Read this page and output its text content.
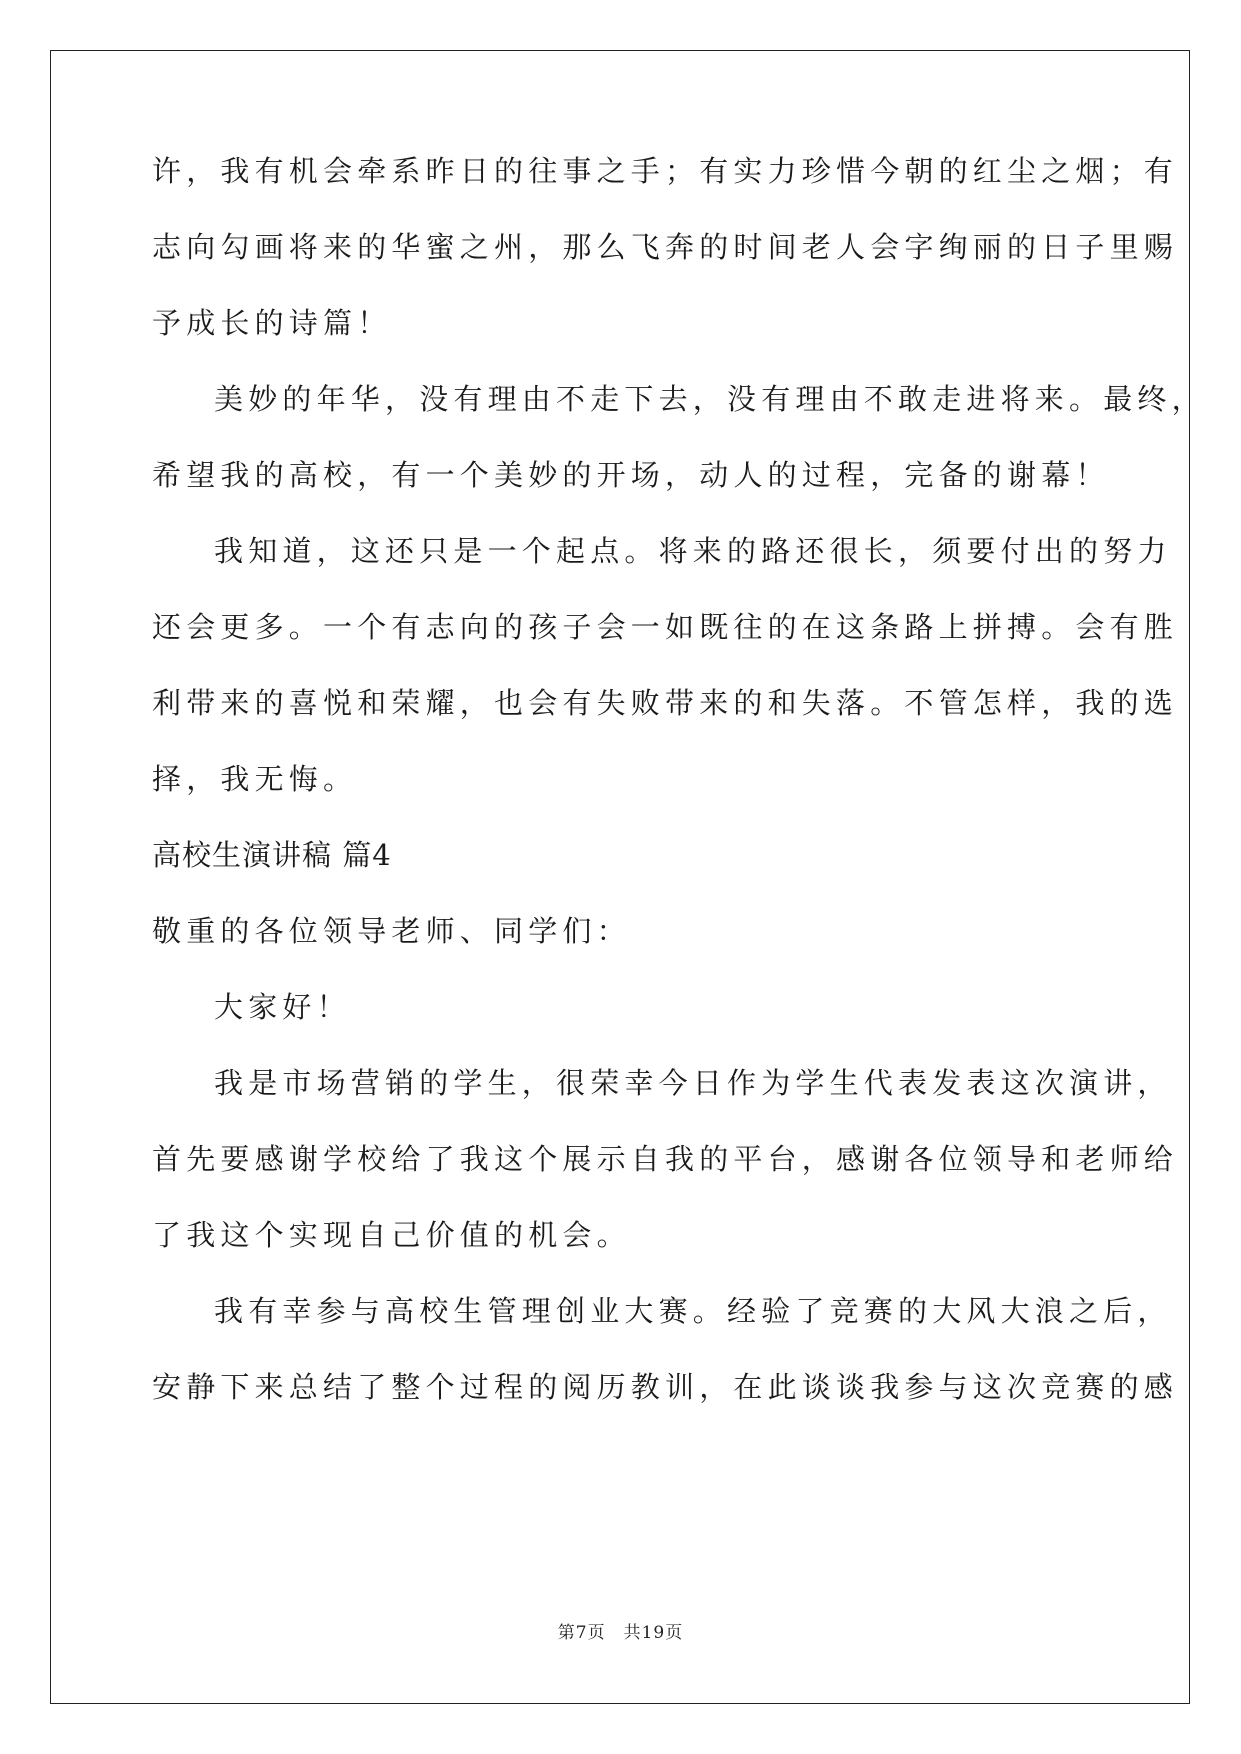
许，我有机会牵系昨日的往事之手；有实力珍惜今朝的红尘之烟；有
志向勾画将来的华蜜之州，那么飞奔的时间老人会字绚丽的日子里赐
予成长的诗篇！
美妙的年华，没有理由不走下去，没有理由不敢走进将来。最终，
希望我的高校，有一个美妙的开场，动人的过程，完备的谢幕！
我知道，这还只是一个起点。将来的路还很长，须要付出的努力
还会更多。一个有志向的孩子会一如既往的在这条路上拼搏。会有胜
利带来的喜悦和荣耀，也会有失败带来的和失落。不管怎样，我的选
择，我无悔。
高校生演讲稿 篇4
敬重的各位领导老师、同学们：
大家好！
我是市场营销的学生，很荣幸今日作为学生代表发表这次演讲，
首先要感谢学校给了我这个展示自我的平台，感谢各位领导和老师给
了我这个实现自己价值的机会。
我有幸参与高校生管理创业大赛。经验了竞赛的大风大浪之后，
安静下来总结了整个过程的阅历教训，在此谈谈我参与这次竞赛的感
第7页 共19页
